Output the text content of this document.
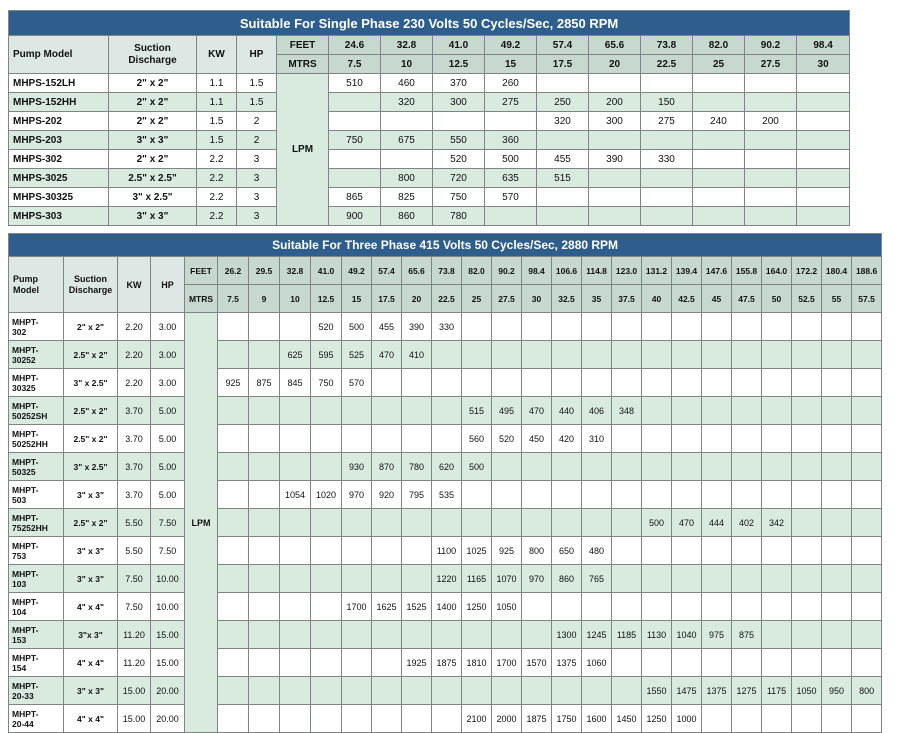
Suitable For Single Phase 230 Volts 50 Cycles/Sec, 2850 RPM														
Pump Model	Suction Discharge	KW	HP	FEET	24.6	32.8	41.0	49.2	57.4	65.6	73.8	82.0	90.2	98.4
				MTRS	7.5	10	12.5	15	17.5	20	22.5	25	27.5	30
MHPS-152LH	2" x 2"	1.1	1.5	LPM	510	460	370	260						
MHPS-152HH	2" x 2"	1.1	1.5			320	300	275	250	200	150			
MHPS-202	2" x 2"	1.5	2						320	300	275	240	200	
MHPS-203	3" x 3"	1.5	2		750	675	550	360						
MHPS-302	2" x 2"	2.2	3				520	500	455	390	330			
MHPS-3025	2.5" x 2.5"	2.2	3			800	720	635	515					
MHPS-30325	3" x 2.5"	2.2	3		865	825	750	570						
MHPS-303	3" x 3"	2.2	3		900	860	780							
Suitable For Three Phase 415 Volts 50 Cycles/Sec, 2880 RPM																										
Pump Model	Suction Discharge	KW	HP	FEET	26.2	29.5	32.8	41.0	49.2	57.4	65.6	73.8	82.0	90.2	98.4	106.6	114.8	123.0	131.2	139.4	147.6	155.8	164.0	172.2	180.4	188.6
				MTRS	7.5	9	10	12.5	15	17.5	20	22.5	25	27.5	30	32.5	35	37.5	40	42.5	45	47.5	50	52.5	55	57.5
MHPT-
302	2" x 2"	2.20	3.00	LPM				520	500	455	390	330														
MHPT-
30252	2.5" x 2"	2.20	3.00				625	595	525	470	410															
MHPT-
30325	3" x 2.5"	2.20	3.00		925	875	845	750	570																	
MHPT-
50252SH	2.5" x 2"	3.70	5.00										515	495	470	440	406	348								
MHPT-
50252HH	2.5" x 2"	3.70	5.00										560	520	450	420	310									
MHPT-
50325	3" x 2.5"	3.70	5.00						930	870	780	620	500													
MHPT-
503	3" x 3"	3.70	5.00				1054	1020	970	920	795	535														
MHPT-
75252HH	2.5" x 2"	5.50	7.50																500	470	444	402	342			
MHPT-
753	3" x 3"	5.50	7.50									1100	1025	925	800	650	480									
MHPT-
103	3" x 3"	7.50	10.00									1220	1165	1070	970	860	765									
MHPT-
104	4" x 4"	7.50	10.00						1700	1625	1525	1400	1250	1050												
MHPT-
153	3"x 3"	11.20	15.00													1300	1245	1185	1130	1040	975	875				
MHPT-
154	4" x 4"	11.20	15.00								1925	1875	1810	1700	1570	1375	1060									
MHPT-
20-33	3" x 3"	15.00	20.00																1550	1475	1375	1275	1175	1050	950	800
MHPT-
20-44	4" x 4"	15.00	20.00										2100	2000	1875	1750	1600	1450	1250	1000						
